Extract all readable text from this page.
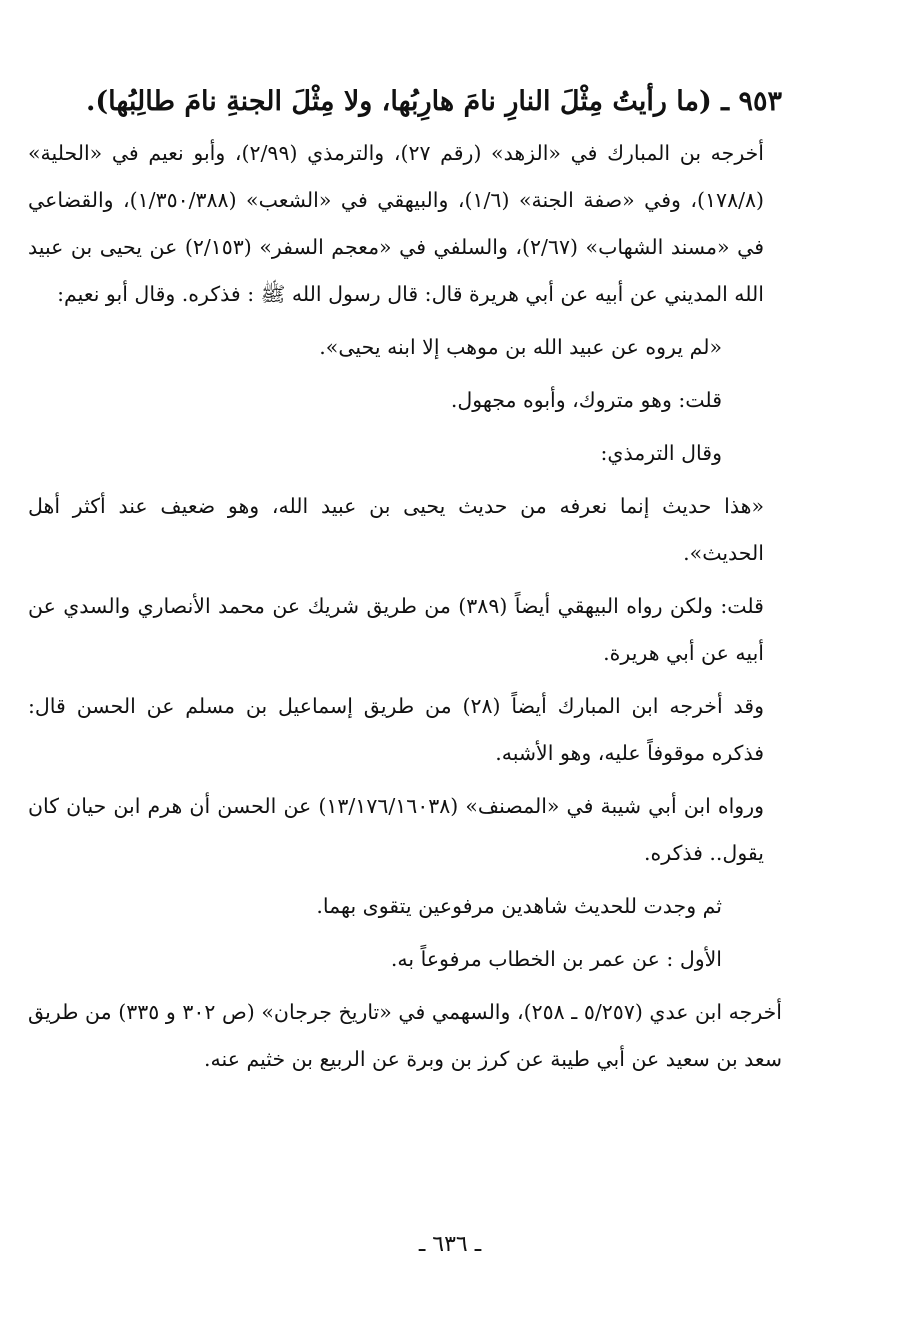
٩٥٣ ـ (ما رأيتُ مِثْلَ النارِ نامَ هارِبُها، ولا مِثْلَ الجنةِ نامَ طالِبُها).

أخرجه بن المبارك في «الزهد» (رقم ٢٧)، والترمذي (٢/٩٩)، وأبو نعيم في «الحلية» (١٧٨/٨)، وفي «صفة الجنة» (١/٦)، والبيهقي في «الشعب» (١/٣٥٠/٣٨٨)، والقضاعي في «مسند الشهاب» (٢/٦٧)، والسلفي في «معجم السفر» (٢/١٥٣) عن يحيى بن عبيد الله المديني عن أبيه عن أبي هريرة قال: قال رسول الله ﷺ : فذكره. وقال أبو نعيم:

«لم يروه عن عبيد الله بن موهب إلا ابنه يحيى».

قلت: وهو متروك، وأبوه مجهول.

وقال الترمذي:

«هذا حديث إنما نعرفه من حديث يحيى بن عبيد الله، وهو ضعيف عند أكثر أهل الحديث».

قلت: ولكن رواه البيهقي أيضاً (٣٨٩) من طريق شريك عن محمد الأنصاري والسدي عن أبيه عن أبي هريرة.

وقد أخرجه ابن المبارك أيضاً (٢٨) من طريق إسماعيل بن مسلم عن الحسن قال: فذكره موقوفاً عليه، وهو الأشبه.

ورواه ابن أبي شيبة في «المصنف» (١٣/١٧٦/١٦٠٣٨) عن الحسن أن هرم ابن حيان كان يقول.. فذكره.

ثم وجدت للحديث شاهدين مرفوعين يتقوى بهما.

الأول : عن عمر بن الخطاب مرفوعاً به.

أخرجه ابن عدي (٥/٢٥٧ ـ ٢٥٨)، والسهمي في «تاريخ جرجان» (ص ٣٠٢ و ٣٣٥) من طريق سعد بن سعيد عن أبي طيبة عن كرز بن وبرة عن الربيع بن خثيم عنه.

ـ ٦٣٦ ـ
